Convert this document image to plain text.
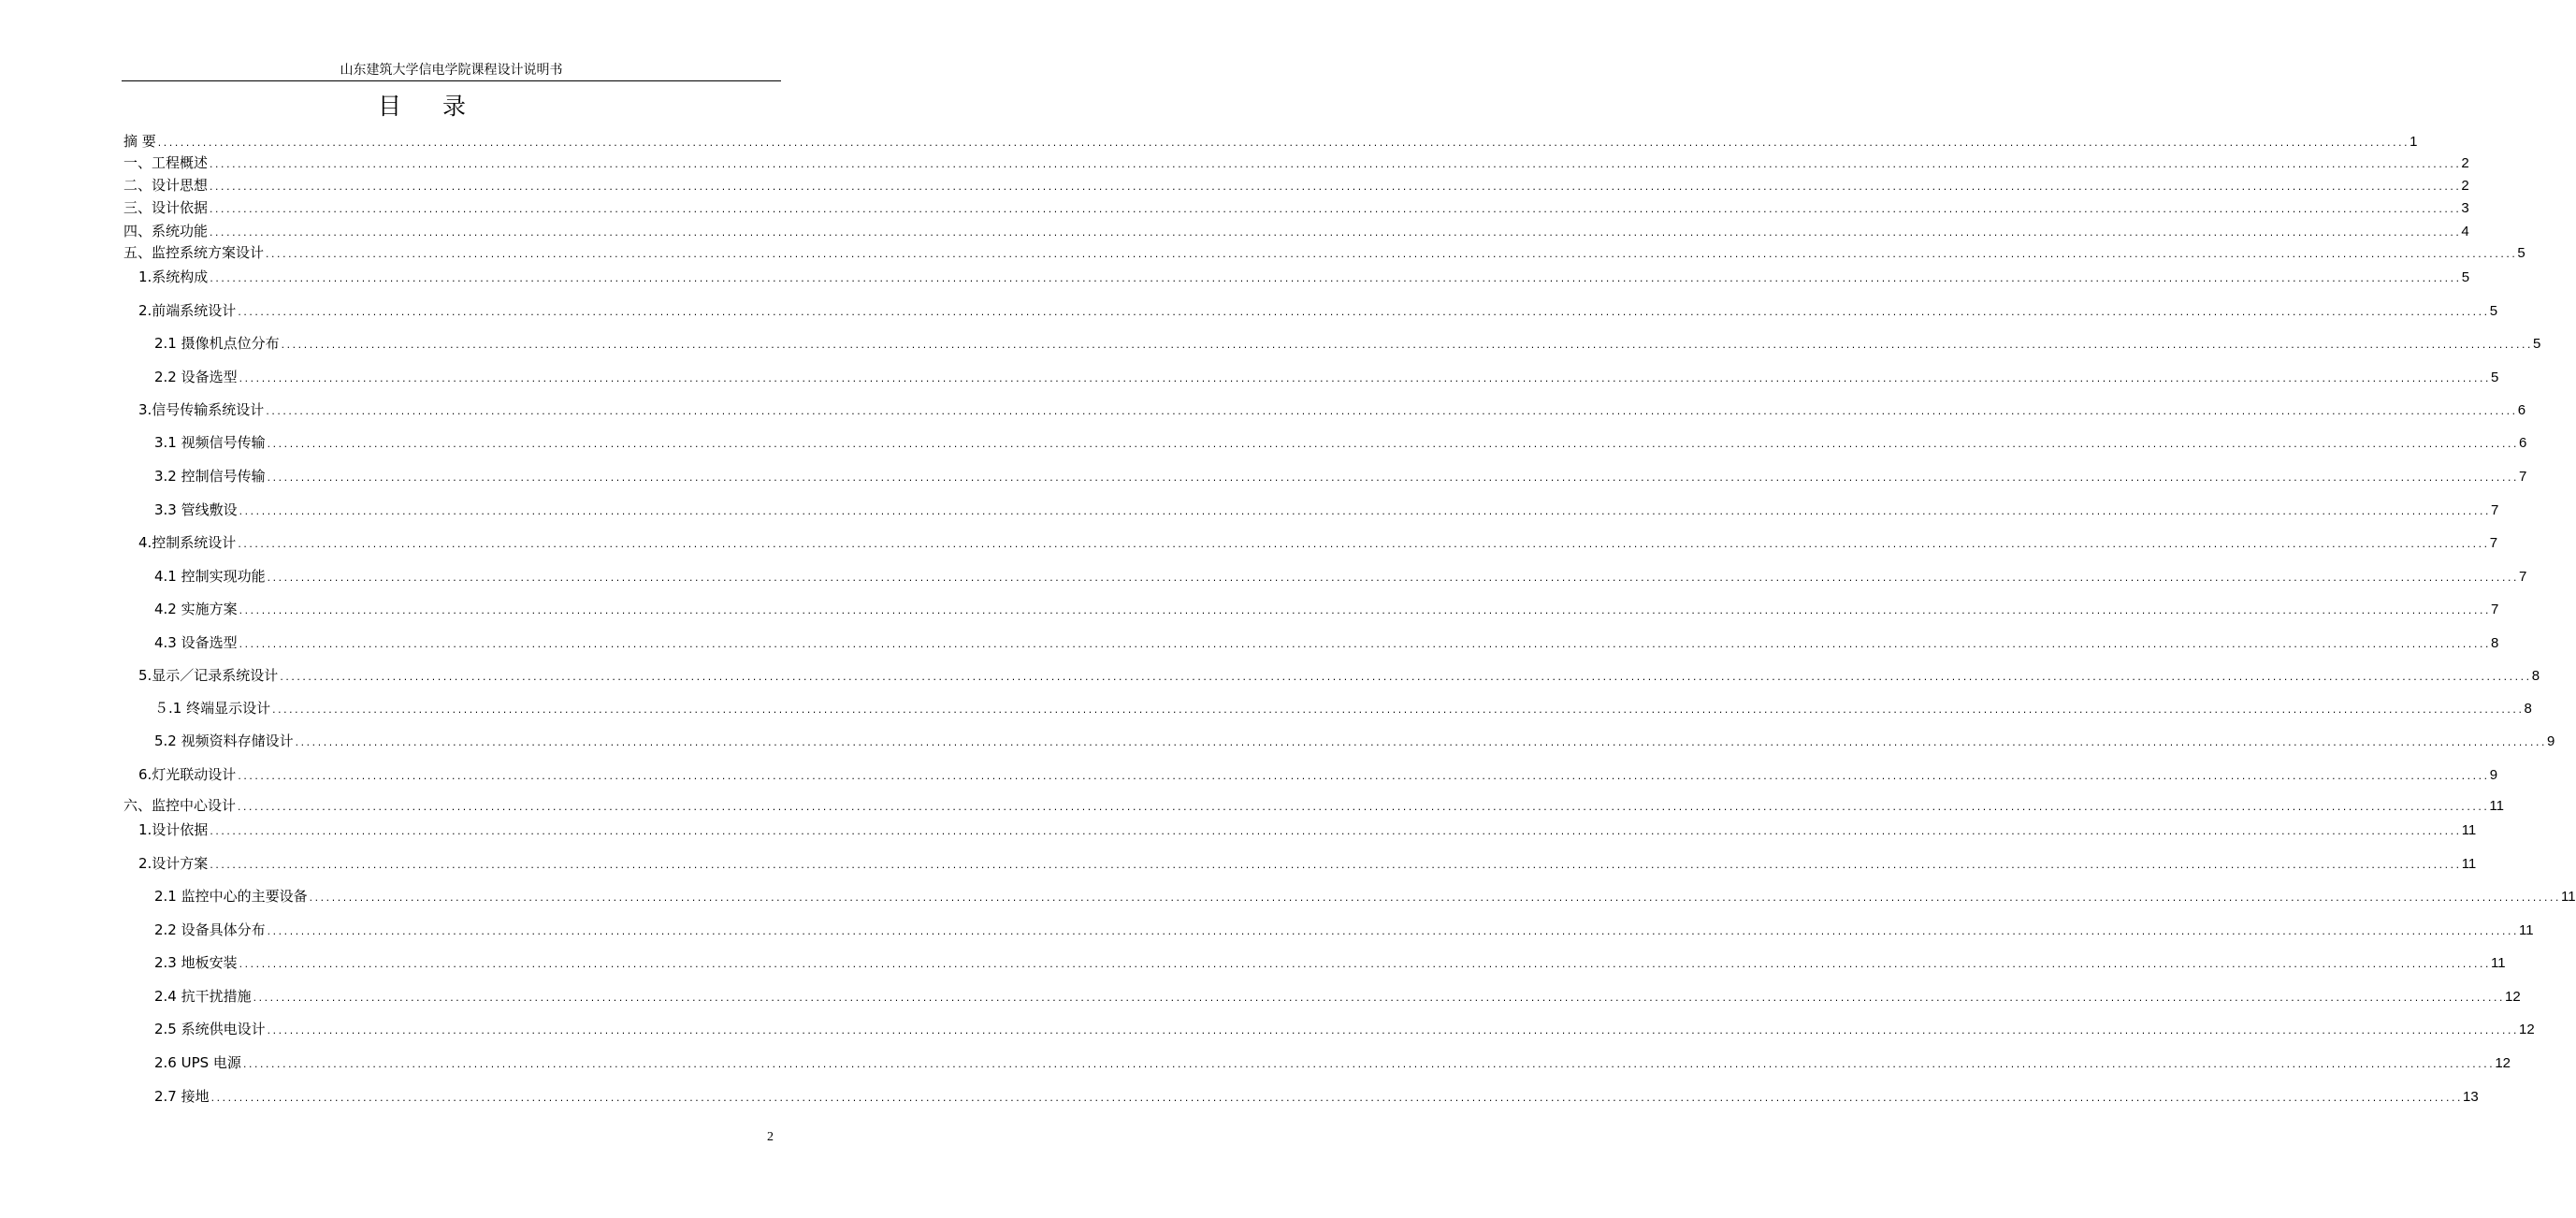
山东建筑大学信电学院课程设计说明书
目 录
摘 要 ................................................................................................................................................................................................................................................................................................................................................................................................................ 1
一、工程概述 ................................................................................................................................................................................................................................................................................................................................................................................................................ 2
二、设计思想 ................................................................................................................................................................................................................................................................................................................................................................................................................ 2
三、设计依据 ................................................................................................................................................................................................................................................................................................................................................................................................................ 3
四、系统功能 ................................................................................................................................................................................................................................................................................................................................................................................................................ 4
五、监控系统方案设计 ................................................................................................................................................................................................................................................................................................................................................................................................................ 5
1.系统构成 ................................................................................................................................................................................................................................................................................................................................................................................................................ 5
2.前端系统设计 ................................................................................................................................................................................................................................................................................................................................................................................................................ 5
2.1 摄像机点位分布 ................................................................................................................................................................................................................................................................................................................................................................................................................ 5
2.2 设备选型 ................................................................................................................................................................................................................................................................................................................................................................................................................ 5
3.信号传输系统设计 ................................................................................................................................................................................................................................................................................................................................................................................................................ 6
3.1 视频信号传输 ................................................................................................................................................................................................................................................................................................................................................................................................................ 6
3.2 控制信号传输 ................................................................................................................................................................................................................................................................................................................................................................................................................ 7
3.3 管线敷设 ................................................................................................................................................................................................................................................................................................................................................................................................................ 7
4.控制系统设计 ................................................................................................................................................................................................................................................................................................................................................................................................................ 7
4.1 控制实现功能 ................................................................................................................................................................................................................................................................................................................................................................................................................ 7
4.2 实施方案 ................................................................................................................................................................................................................................................................................................................................................................................................................ 7
4.3 设备选型 ................................................................................................................................................................................................................................................................................................................................................................................................................ 8
5.显示／记录系统设计 ................................................................................................................................................................................................................................................................................................................................................................................................................ 8
５.1 终端显示设计 ................................................................................................................................................................................................................................................................................................................................................................................................................ 8
5.2 视频资料存储设计 ................................................................................................................................................................................................................................................................................................................................................................................................................ 9
6.灯光联动设计 ................................................................................................................................................................................................................................................................................................................................................................................................................ 9
六、监控中心设计 ................................................................................................................................................................................................................................................................................................................................................................................................................ 11
1.设计依据 ................................................................................................................................................................................................................................................................................................................................................................................................................ 11
2.设计方案 ................................................................................................................................................................................................................................................................................................................................................................................................................ 11
2.1 监控中心的主要设备 ................................................................................................................................................................................................................................................................................................................................................................................................................ 11
2.2 设备具体分布 ................................................................................................................................................................................................................................................................................................................................................................................................................ 11
2.3 地板安装 ................................................................................................................................................................................................................................................................................................................................................................................................................ 11
2.4 抗干扰措施 ................................................................................................................................................................................................................................................................................................................................................................................................................ 12
2.5 系统供电设计 ................................................................................................................................................................................................................................................................................................................................................................................................................ 12
2.6 UPS 电源 ................................................................................................................................................................................................................................................................................................................................................................................................................ 12
2.7 接地 ................................................................................................................................................................................................................................................................................................................................................................................................................ 13
2
